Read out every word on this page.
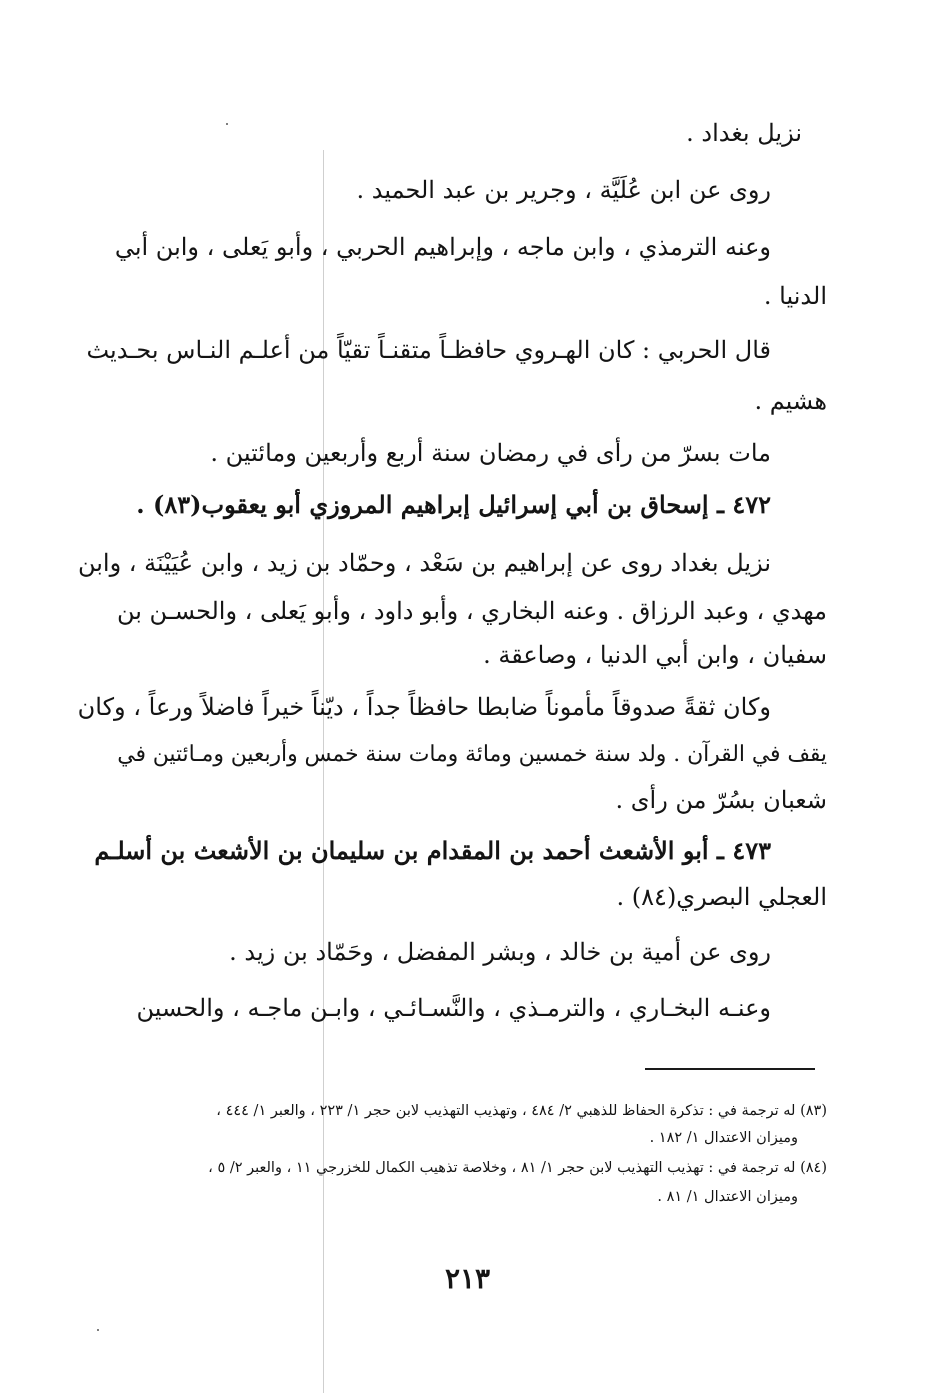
نزيل بغداد .

روى عن ابن عُلَيَّة ، وجرير بن عبد الحميد .

وعنه الترمذي ، وابن ماجه ، وإبراهيم الحربي ، وأبو يَعلى ، وابن أبي

الدنيا .

قال الحربي : كان الهـروي حافظـاً متقنـاً تقيّاً من أعلـم النـاس بحـديث

هشيم .

مات بسرّ من رأى في رمضان سنة أربع وأربعين ومائتين .

٤٧٢ ـ إسحاق بن أبي إسرائيل إبراهيم المروزي أبو يعقوب(٨٣) .

نزيل بغداد روى عن إبراهيم بن سَعْد ، وحمّاد بن زيد ، وابن عُيَيْنَة ، وابن

مهدي ، وعبد الرزاق . وعنه البخاري ، وأبو داود ، وأبو يَعلى ، والحسـن بن

سفيان ، وابن أبي الدنيا ، وصاعقة .

وكان ثقةً صدوقاً مأموناً ضابطا حافظاً جداً ، ديّناً خيراً فاضلاً ورعاً ، وكان

يقف في القرآن . ولد سنة خمسين ومائة ومات سنة خمس وأربعين ومـائتين في

شعبان بسُرّ من رأى .

٤٧٣ ـ أبو الأشعث أحمد بن المقدام بن سليمان بن الأشعث بن أسلـم

العجلي البصري(٨٤) .

روى عن أمية بن خالد ، وبشر المفضل ، وحَمّاد بن زيد .

وعنـه البخـاري ، والترمـذي ، والنَّسـائـي ، وابـن ماجـه ، والحسين

(٨٣) له ترجمة في : تذكرة الحفاظ للذهبي ٢/ ٤٨٤ ، وتهذيب التهذيب لابن حجر ١/ ٢٢٣ ، والعبر ١/ ٤٤٤ ،

وميزان الاعتدال ١/ ١٨٢ .

(٨٤) له ترجمة في : تهذيب التهذيب لابن حجر ١/ ٨١ ، وخلاصة تذهيب الكمال للخزرجي ١١ ، والعبر ٢/ ٥ ،

وميزان الاعتدال ١/ ٨١ .

٢١٣
